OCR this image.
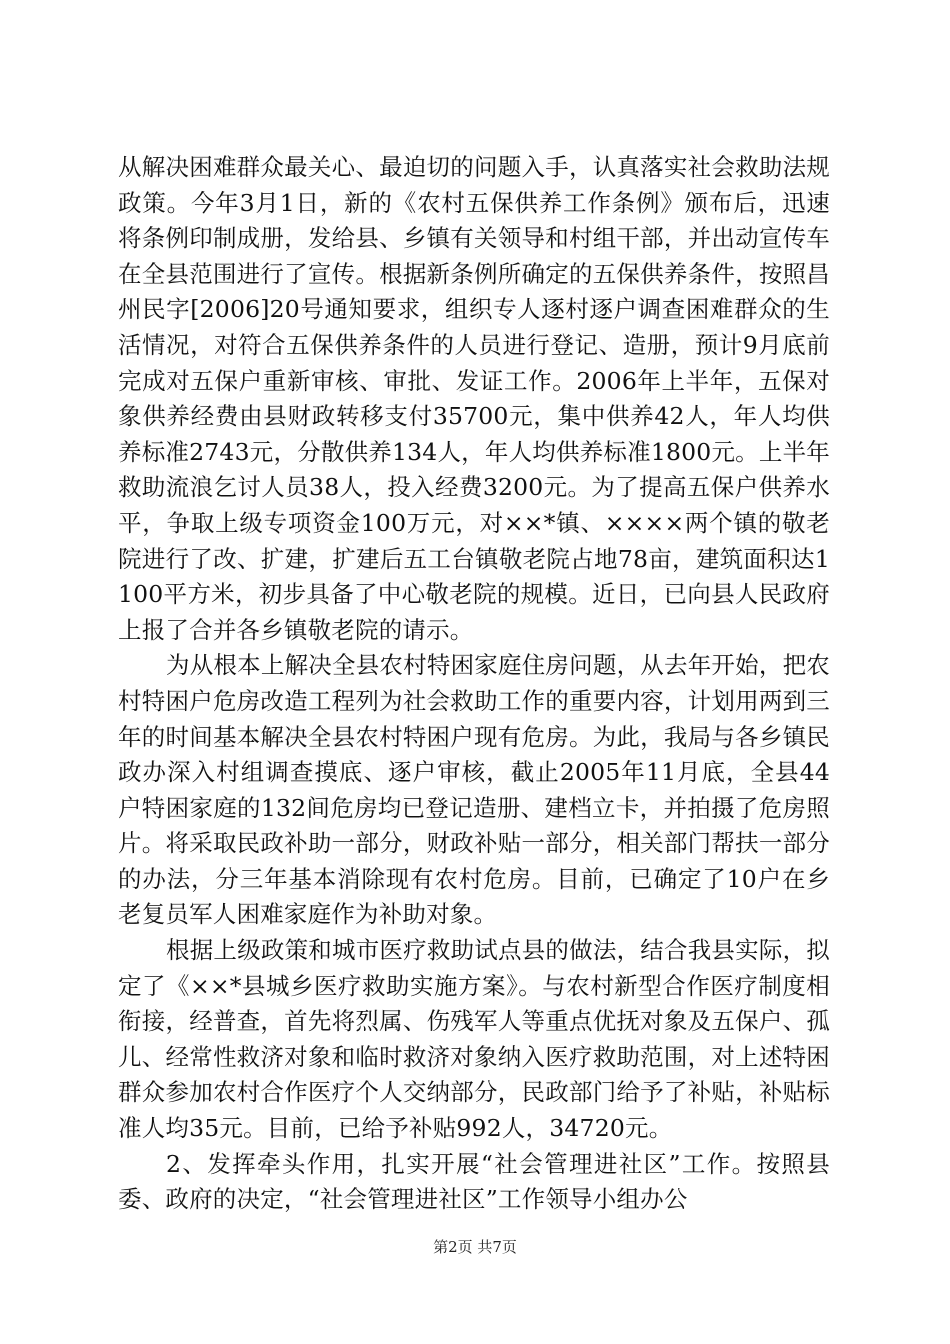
从解决困难群众最关心、最迫切的问题入手，认真落实社会救助法规政策。今年3月1日，新的《农村五保供养工作条例》颁布后，迅速将条例印制成册，发给县、乡镇有关领导和村组干部，并出动宣传车在全县范围进行了宣传。根据新条例所确定的五保供养条件，按照昌州民字[2006]20号通知要求，组织专人逐村逐户调查困难群众的生活情况，对符合五保供养条件的人员进行登记、造册，预计9月底前完成对五保户重新审核、审批、发证工作。2006年上半年，五保对象供养经费由县财政转移支付35700元，集中供养42人，年人均供养标准2743元，分散供养134人，年人均供养标准1800元。上半年救助流浪乞讨人员38人，投入经费3200元。为了提高五保户供养水平，争取上级专项资金100万元，对××*镇、××××两个镇的敬老院进行了改、扩建，扩建后五工台镇敬老院占地78亩，建筑面积达1100平方米，初步具备了中心敬老院的规模。近日，已向县人民政府上报了合并各乡镇敬老院的请示。

为从根本上解决全县农村特困家庭住房问题，从去年开始，把农村特困户危房改造工程列为社会救助工作的重要内容，计划用两到三年的时间基本解决全县农村特困户现有危房。为此，我局与各乡镇民政办深入村组调查摸底、逐户审核，截止2005年11月底，全县44户特困家庭的132间危房均已登记造册、建档立卡，并拍摄了危房照片。将采取民政补助一部分，财政补贴一部分，相关部门帮扶一部分的办法，分三年基本消除现有农村危房。目前，已确定了10户在乡老复员军人困难家庭作为补助对象。

根据上级政策和城市医疗救助试点县的做法，结合我县实际，拟定了《××*县城乡医疗救助实施方案》。与农村新型合作医疗制度相衔接，经普查，首先将烈属、伤残军人等重点优抚对象及五保户、孤儿、经常性救济对象和临时救济对象纳入医疗救助范围，对上述特困群众参加农村合作医疗个人交纳部分，民政部门给予了补贴，补贴标准人均35元。目前，已给予补贴992人，34720元。

2、发挥牵头作用，扎实开展“社会管理进社区”工作。按照县委、政府的决定，“社会管理进社区”工作领导小组办公

第2页 共7页
